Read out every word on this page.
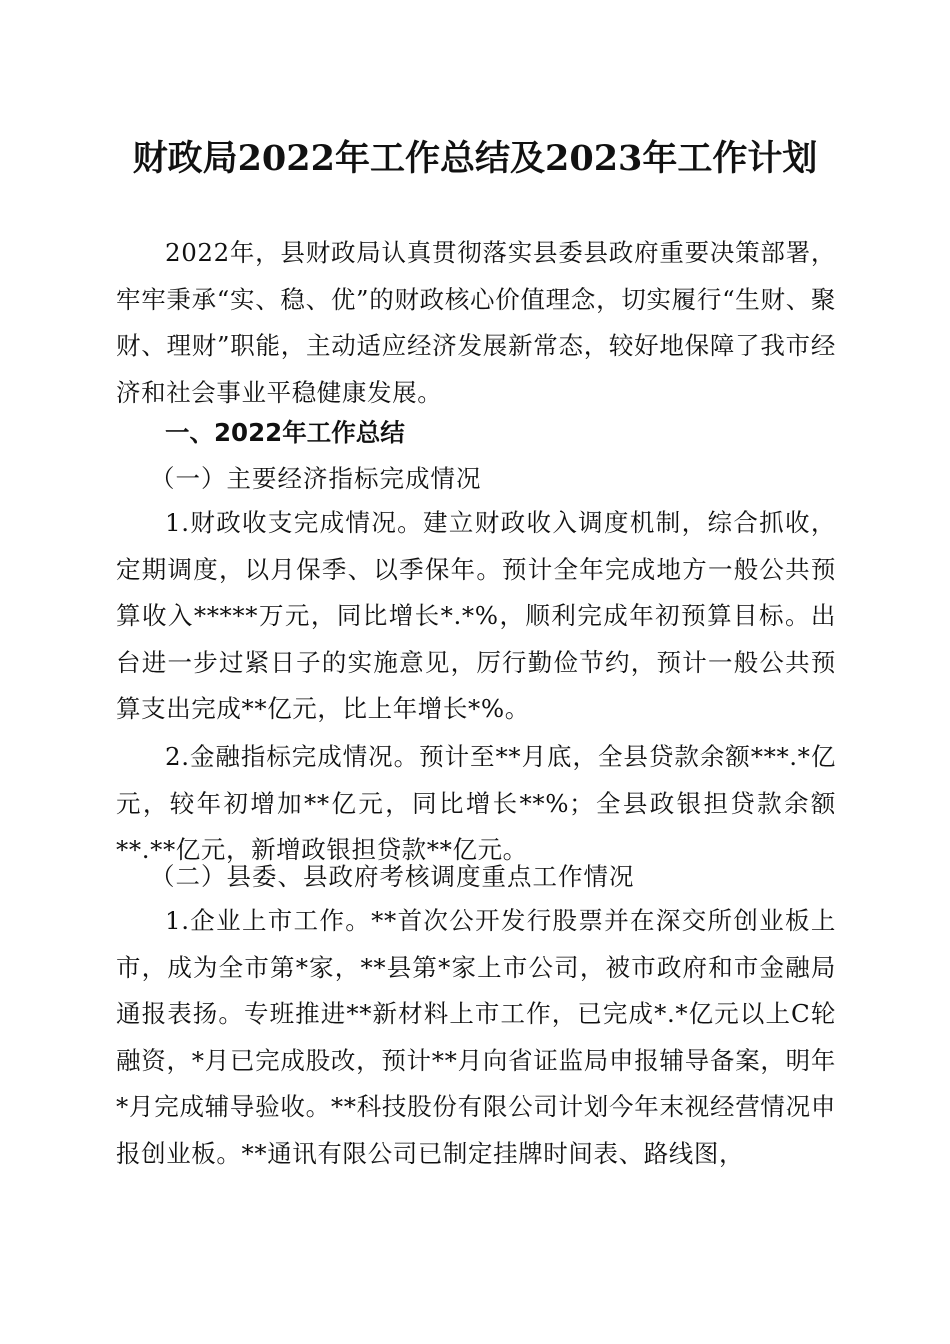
财政局2022年工作总结及2023年工作计划

2022年，县财政局认真贯彻落实县委县政府重要决策部署，牢牢秉承“实、稳、优”的财政核心价值理念，切实履行“生财、聚财、理财”职能，主动适应经济发展新常态，较好地保障了我市经济和社会事业平稳健康发展。

一、2022年工作总结
（一）主要经济指标完成情况

1.财政收支完成情况。建立财政收入调度机制，综合抓收，定期调度，以月保季、以季保年。预计全年完成地方一般公共预算收入*****万元，同比增长*.*%，顺利完成年初预算目标。出台进一步过紧日子的实施意见，厉行勤俭节约，预计一般公共预算支出完成**亿元，比上年增长*%。

2.金融指标完成情况。预计至**月底，全县贷款余额***.*亿元，较年初增加**亿元，同比增长**%；全县政银担贷款余额**.**亿元，新增政银担贷款**亿元。

（二）县委、县政府考核调度重点工作情况

1.企业上市工作。**首次公开发行股票并在深交所创业板上市，成为全市第*家，**县第*家上市公司，被市政府和市金融局通报表扬。专班推进**新材料上市工作，已完成*.*亿元以上C轮融资，*月已完成股改，预计**月向省证监局申报辅导备案，明年*月完成辅导验收。**科技股份有限公司计划今年末视经营情况申报创业板。**通讯有限公司已制定挂牌时间表、路线图，
